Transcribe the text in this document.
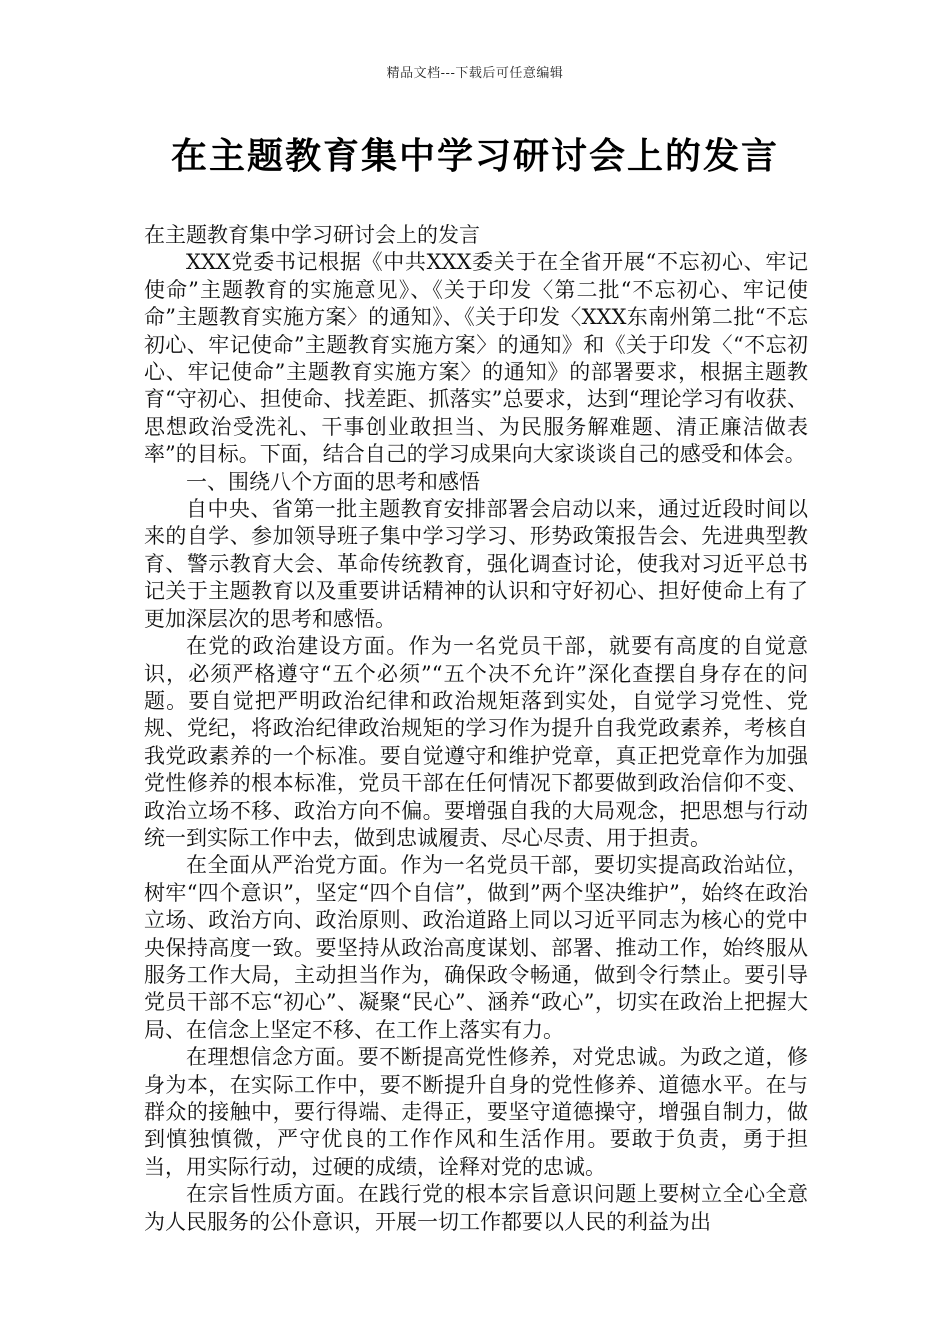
精品文档---下载后可任意编辑
在主题教育集中学习研讨会上的发言

在主题教育集中学习研讨会上的发言

XXX党委书记根据《中共XXX委关于在全省开展“不忘初心、牢记使命”主题教育的实施意见》、《关于印发〈第二批“不忘初心、牢记使命”主题教育实施方案〉的通知》、《关于印发〈XXX东南州第二批“不忘初心、牢记使命”主题教育实施方案〉的通知》和《关于印发〈“不忘初心、牢记使命”主题教育实施方案〉的通知》的部署要求，根据主题教育“守初心、担使命、找差距、抓落实”总要求，达到“理论学习有收获、思想政治受洗礼、干事创业敢担当、为民服务解难题、清正廉洁做表率”的目标。下面，结合自己的学习成果向大家谈谈自己的感受和体会。

一、围绕八个方面的思考和感悟

自中央、省第一批主题教育安排部署会启动以来，通过近段时间以来的自学、参加领导班子集中学习学习、形势政策报告会、先进典型教育、警示教育大会、革命传统教育，强化调查讨论，使我对习近平总书记关于主题教育以及重要讲话精神的认识和守好初心、担好使命上有了更加深层次的思考和感悟。

在党的政治建设方面。作为一名党员干部，就要有高度的自觉意识，必须严格遵守“五个必须”“五个决不允许”深化查摆自身存在的问题。要自觉把严明政治纪律和政治规矩落到实处，自觉学习党性、党规、党纪，将政治纪律政治规矩的学习作为提升自我党政素养，考核自我党政素养的一个标准。要自觉遵守和维护党章，真正把党章作为加强党性修养的根本标准，党员干部在任何情况下都要做到政治信仰不变、政治立场不移、政治方向不偏。要增强自我的大局观念，把思想与行动统一到实际工作中去，做到忠诚履责、尽心尽责、用于担责。

在全面从严治党方面。作为一名党员干部，要切实提高政治站位，树牢“四个意识”，坚定“四个自信”，做到”两个坚决维护”，始终在政治立场、政治方向、政治原则、政治道路上同以习近平同志为核心的党中央保持高度一致。要坚持从政治高度谋划、部署、推动工作，始终服从服务工作大局，主动担当作为，确保政令畅通，做到令行禁止。要引导党员干部不忘“初心”、凝聚“民心”、涵养“政心”，切实在政治上把握大局、在信念上坚定不移、在工作上落实有力。

在理想信念方面。要不断提高党性修养，对党忠诚。为政之道，修身为本，在实际工作中，要不断提升自身的党性修养、道德水平。在与群众的接触中，要行得端、走得正，要坚守道德操守，增强自制力，做到慎独慎微，严守优良的工作作风和生活作用。要敢于负责，勇于担当，用实际行动，过硬的成绩，诠释对党的忠诚。

在宗旨性质方面。在践行党的根本宗旨意识问题上要树立全心全意为人民服务的公仆意识，开展一切工作都要以人民的利益为出
